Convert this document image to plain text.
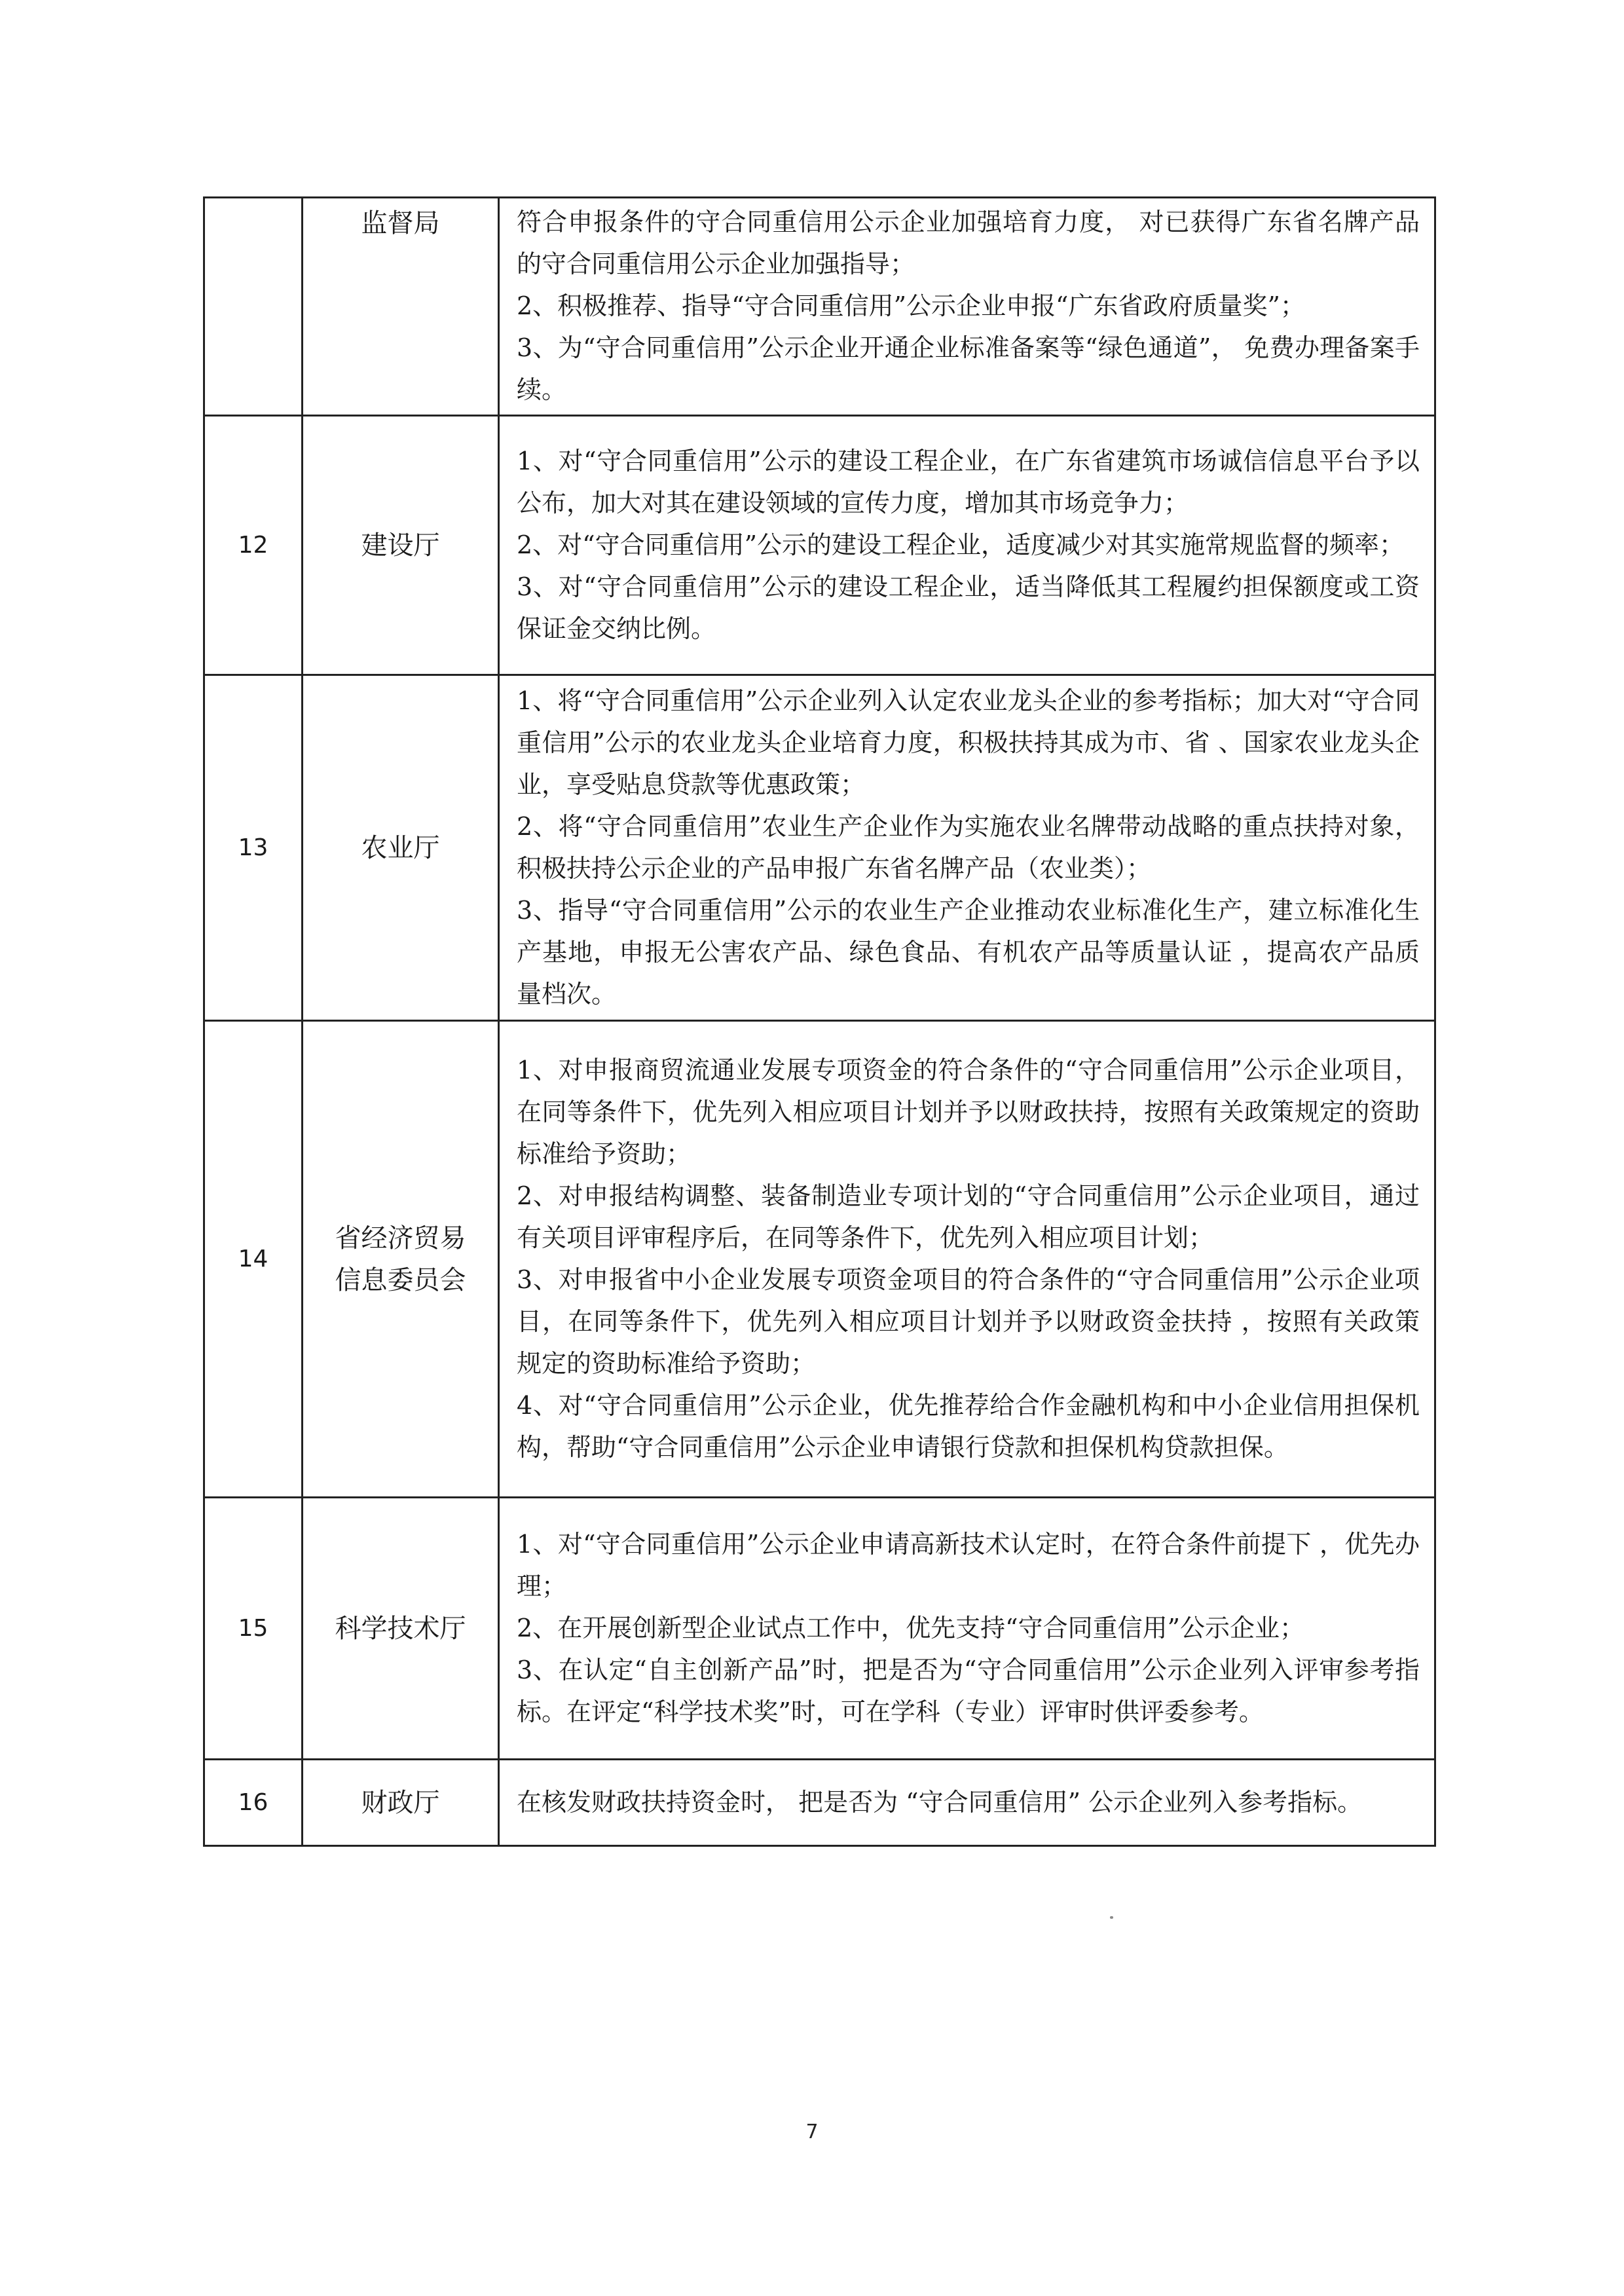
	监督局	符合申报条件的守合同重信用公示企业加强培育力度， 对已获得广东省名牌产品的守合同重信用公示企业加强指导；
2、积极推荐、指导“守合同重信用”公示企业申报“广东省政府质量奖”；
3、为“守合同重信用”公示企业开通企业标准备案等“绿色通道”， 免费办理备案手续。

12	建设厅	1、对“守合同重信用”公示的建设工程企业，在广东省建筑市场诚信信息平台予以公布，加大对其在建设领域的宣传力度，增加其市场竞争力；
2、对“守合同重信用”公示的建设工程企业，适度减少对其实施常规监督的频率；
3、对“守合同重信用”公示的建设工程企业，适当降低其工程履约担保额度或工资保证金交纳比例。

13	农业厅	1、将“守合同重信用”公示企业列入认定农业龙头企业的参考指标；加大对“守合同重信用”公示的农业龙头企业培育力度，积极扶持其成为市、省 、国家农业龙头企业，享受贴息贷款等优惠政策；
2、将“守合同重信用”农业生产企业作为实施农业名牌带动战略的重点扶持对象，积极扶持公示企业的产品申报广东省名牌产品（农业类）；
3、指导“守合同重信用”公示的农业生产企业推动农业标准化生产，建立标准化生产基地，申报无公害农产品、绿色食品、有机农产品等质量认证 ，提高农产品质量档次。

14	省经济贸易信息委员会	1、对申报商贸流通业发展专项资金的符合条件的“守合同重信用”公示企业项目，在同等条件下，优先列入相应项目计划并予以财政扶持，按照有关政策规定的资助标准给予资助；
2、对申报结构调整、装备制造业专项计划的“守合同重信用”公示企业项目，通过有关项目评审程序后，在同等条件下，优先列入相应项目计划；
3、对申报省中小企业发展专项资金项目的符合条件的“守合同重信用”公示企业项目，在同等条件下，优先列入相应项目计划并予以财政资金扶持 ，按照有关政策规定的资助标准给予资助；
4、对“守合同重信用”公示企业，优先推荐给合作金融机构和中小企业信用担保机构，帮助“守合同重信用”公示企业申请银行贷款和担保机构贷款担保。

15	科学技术厅	1、对“守合同重信用”公示企业申请高新技术认定时，在符合条件前提下 ，优先办理；
2、在开展创新型企业试点工作中，优先支持“守合同重信用”公示企业；
3、在认定“自主创新产品”时，把是否为“守合同重信用”公示企业列入评审参考指标。在评定“科学技术奖”时，可在学科（专业）评审时供评委参考。

16	财政厅	在核发财政扶持资金时， 把是否为 “守合同重信用” 公示企业列入参考指标。
7
